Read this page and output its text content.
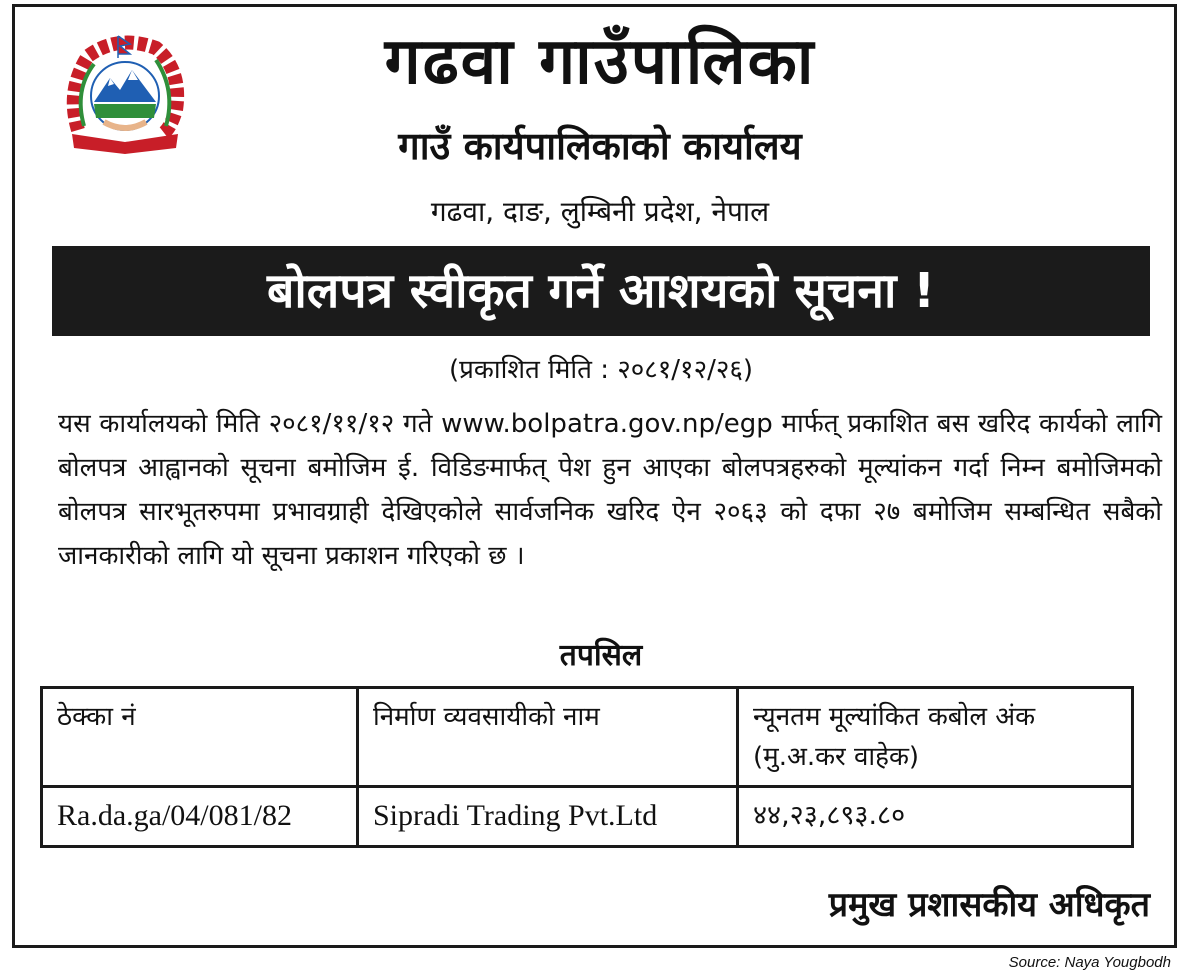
गढवा गाउँपालिका
गाउँ कार्यपालिकाको कार्यालय
गढवा, दाङ, लुम्बिनी प्रदेश, नेपाल
बोलपत्र स्वीकृत गर्ने आशयको सूचना !
(प्रकाशित मिति : २०८१/१२/२६)
यस कार्यालयको मिति २०८१/११/१२ गते www.bolpatra.gov.np/egp मार्फत् प्रकाशित बस खरिद कार्यको लागि बोलपत्र आह्वानको सूचना बमोजिम ई. विडिङमार्फत् पेश हुन आएका बोलपत्रहरुको मूल्यांकन गर्दा निम्न बमोजिमको बोलपत्र सारभूतरुपमा प्रभावग्राही देखिएकोले सार्वजनिक खरिद ऐन २०६३ को दफा २७ बमोजिम सम्बन्धित सबैको जानकारीको लागि यो सूचना प्रकाशन गरिएको छ ।
तपसिल
ठेक्का नं	निर्माण व्यवसायीको नाम	न्यूनतम मूल्यांकित कबोल अंक (मु.अ.कर वाहेक)
Ra.da.ga/04/081/82	Sipradi Trading Pvt.Ltd	४४,२३,८९३.८०
प्रमुख प्रशासकीय अधिकृत
Source: Naya Yougbodh
